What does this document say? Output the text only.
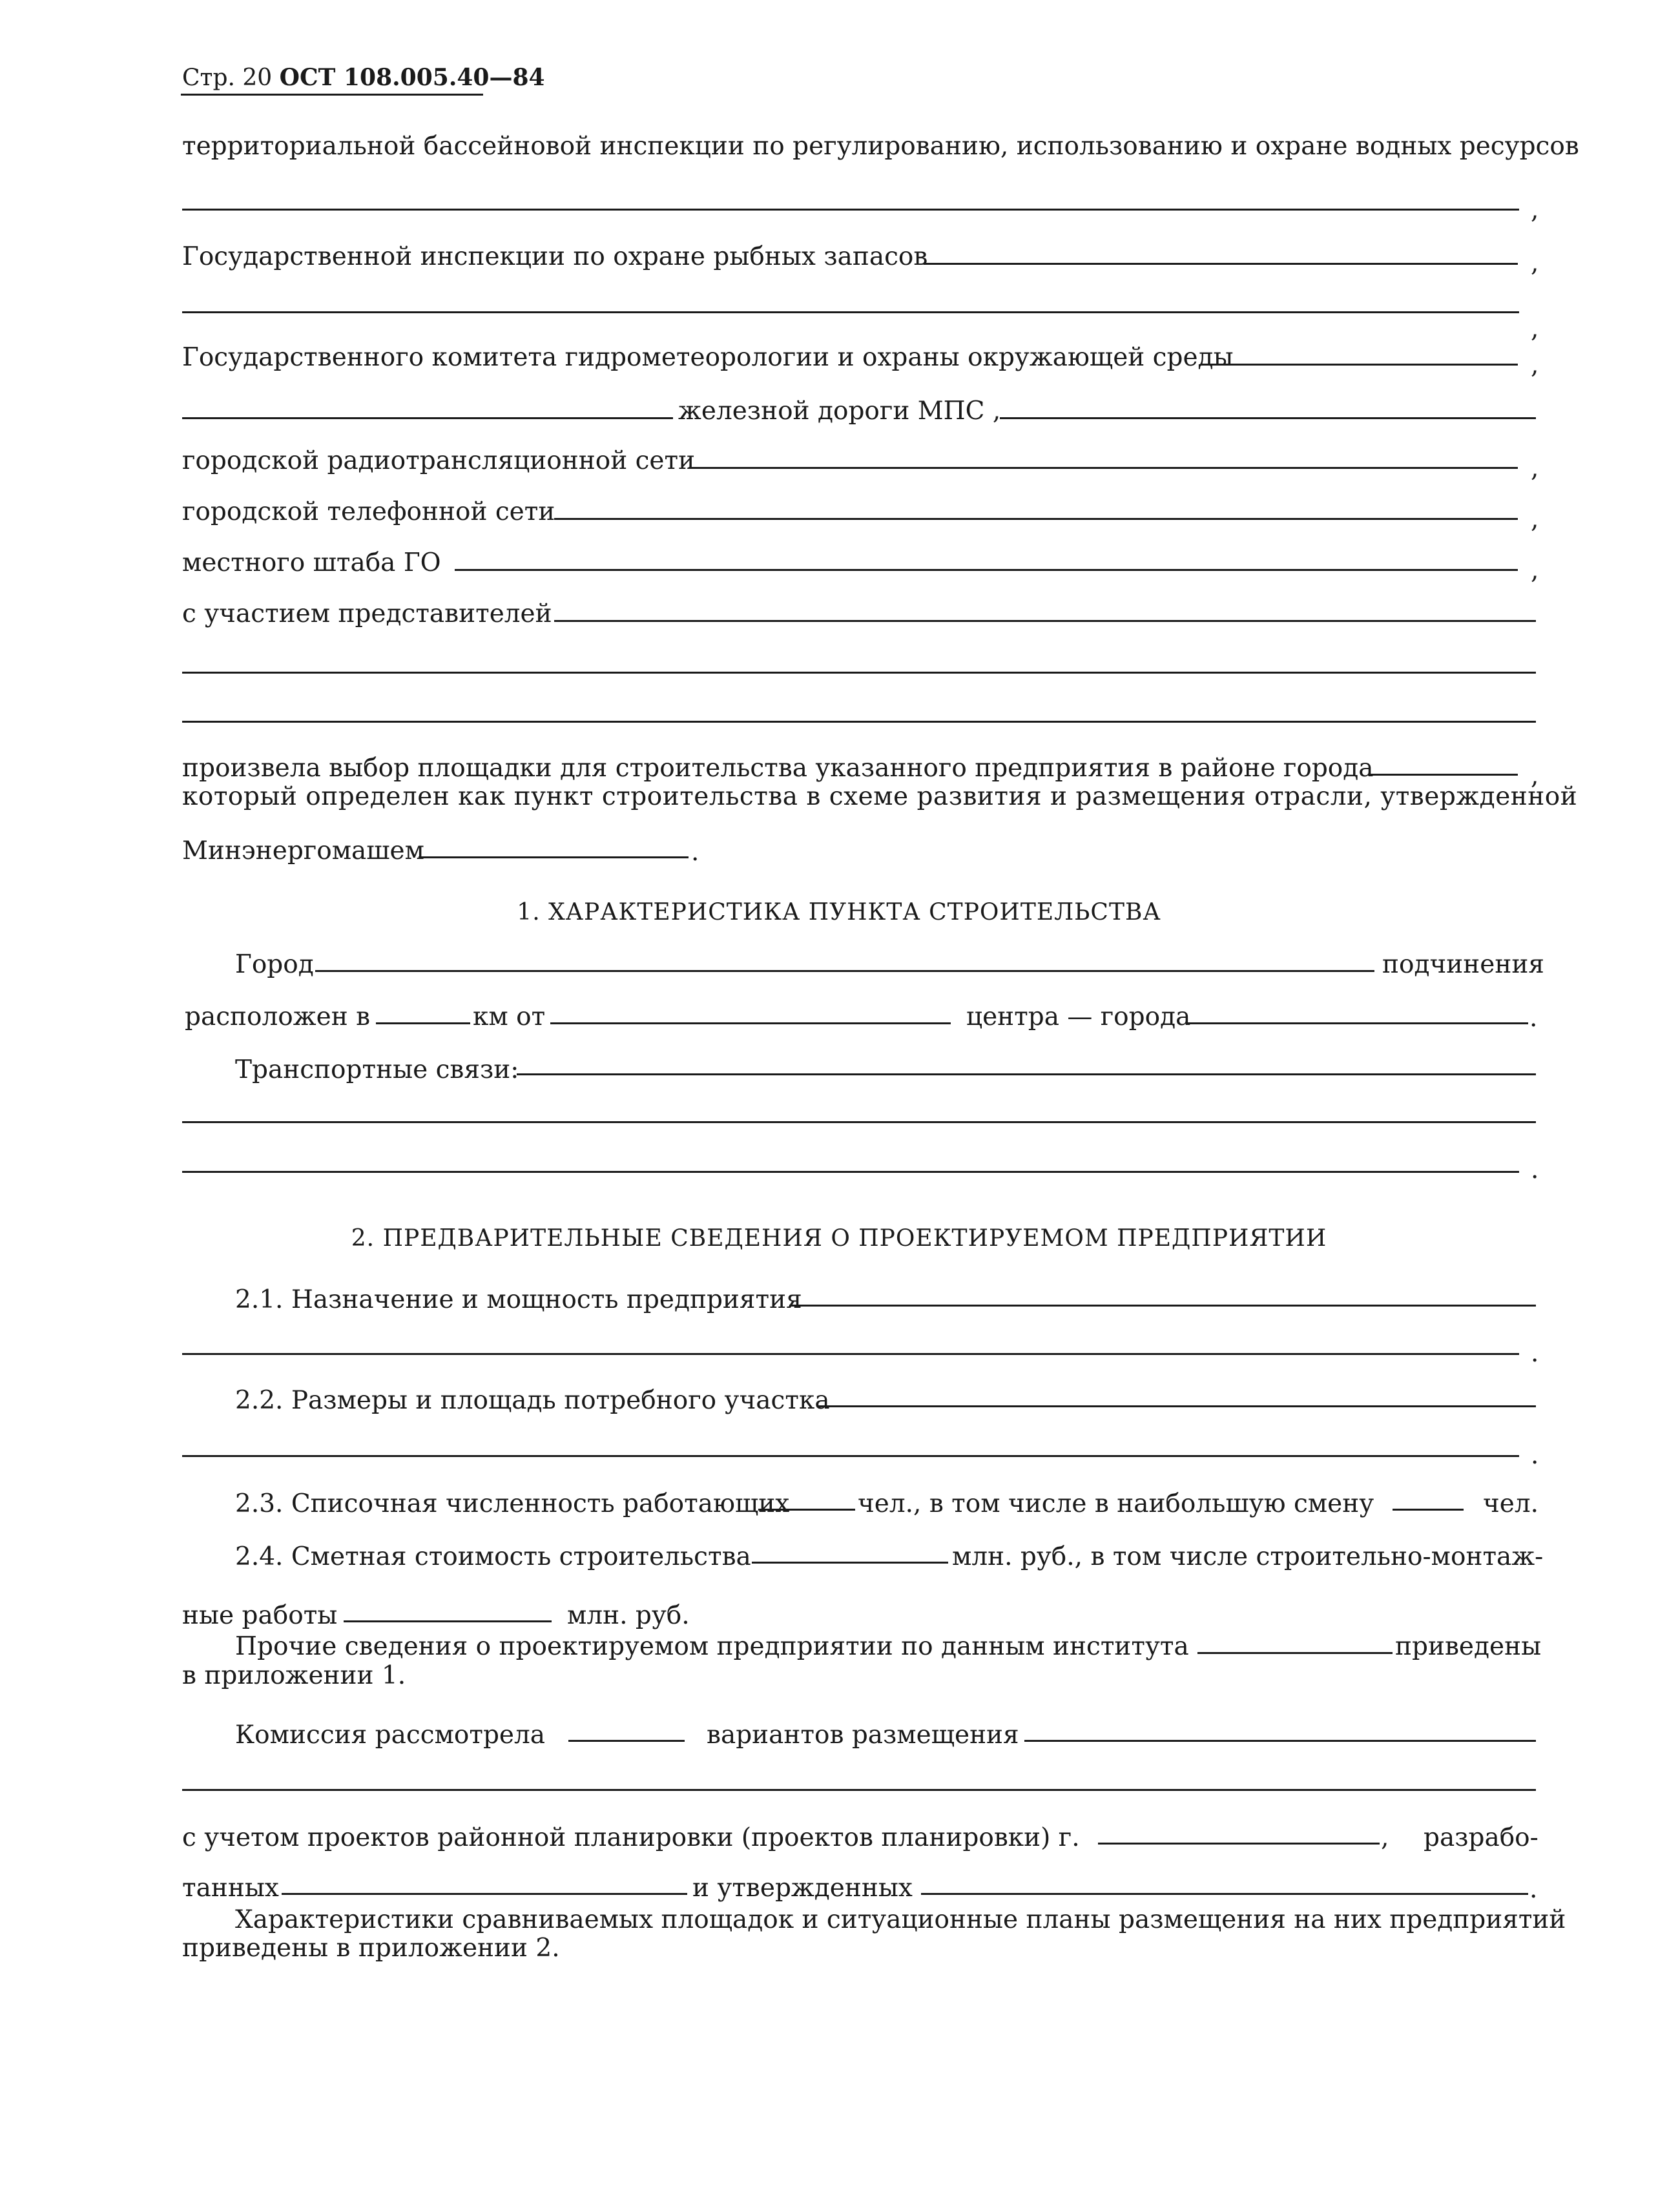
Стр. 20 ОСТ 108.005.40—84
территориальной бассейновой инспекции по регулированию, использованию и охране водных ресурсов
,
Государственной инспекции по охране рыбных запасов	,
,
Государственного комитета гидрометеорологии и охраны окружающей среды	,
железной дороги МПС ,
городской радиотрансляционной сети	,
городской телефонной сети	,
местного штаба ГО	,
с участием представителей
произвела выбор площадки для строительства указанного предприятия в районе города	,
который определен как пункт строительства в схеме развития и размещения отрасли, утвержденной
Минэнергомашем	.
1. ХАРАКТЕРИСТИКА ПУНКТА СТРОИТЕЛЬСТВА
Город	подчинения
расположен в	км от	центра — города	.
Транспортные связи:
.
2. ПРЕДВАРИТЕЛЬНЫЕ СВЕДЕНИЯ О ПРОЕКТИРУЕМОМ ПРЕДПРИЯТИИ
2.1. Назначение и мощность предприятия
.
2.2. Размеры и площадь потребного участка
.
2.3. Списочная численность работающих	чел., в том числе в наибольшую смену	чел.
2.4. Сметная стоимость строительства	млн. руб., в том числе строительно-монтаж-
ные работы	млн. руб.
Прочие сведения о проектируемом предприятии по данным института	приведены
в приложении 1.
Комиссия рассмотрела	вариантов размещения
с учетом проектов районной планировки (проектов планировки) г.	, разрабо-
танных	и утвержденных	.
Характеристики сравниваемых площадок и ситуационные планы размещения на них предприятий
приведены в приложении 2.
